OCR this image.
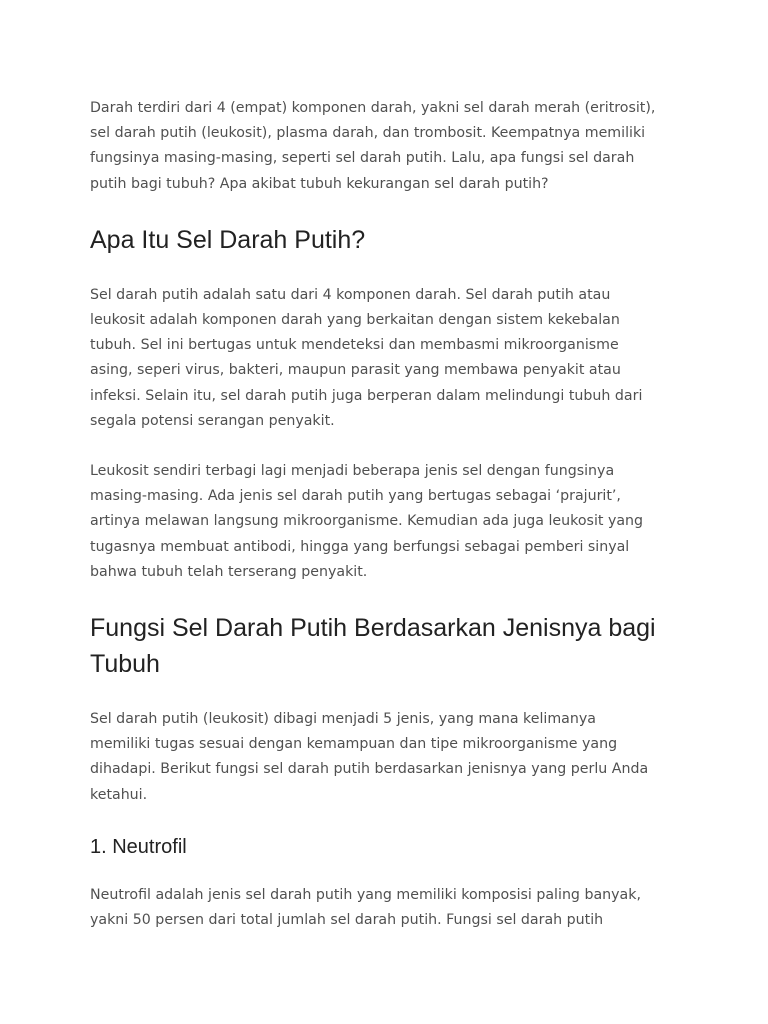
Darah terdiri dari 4 (empat) komponen darah, yakni sel darah merah (eritrosit),
sel darah putih (leukosit), plasma darah, dan trombosit. Keempatnya memiliki
fungsinya masing-masing, seperti sel darah putih. Lalu, apa fungsi sel darah
putih bagi tubuh? Apa akibat tubuh kekurangan sel darah putih?

Apa Itu Sel Darah Putih?

Sel darah putih adalah satu dari 4 komponen darah. Sel darah putih atau
leukosit adalah komponen darah yang berkaitan dengan sistem kekebalan
tubuh. Sel ini bertugas untuk mendeteksi dan membasmi mikroorganisme
asing, seperi virus, bakteri, maupun parasit yang membawa penyakit atau
infeksi. Selain itu, sel darah putih juga berperan dalam melindungi tubuh dari
segala potensi serangan penyakit.

Leukosit sendiri terbagi lagi menjadi beberapa jenis sel dengan fungsinya
masing-masing. Ada jenis sel darah putih yang bertugas sebagai ‘prajurit’,
artinya melawan langsung mikroorganisme. Kemudian ada juga leukosit yang
tugasnya membuat antibodi, hingga yang berfungsi sebagai pemberi sinyal
bahwa tubuh telah terserang penyakit.

Fungsi Sel Darah Putih Berdasarkan Jenisnya bagi
Tubuh

Sel darah putih (leukosit) dibagi menjadi 5 jenis, yang mana kelimanya
memiliki tugas sesuai dengan kemampuan dan tipe mikroorganisme yang
dihadapi. Berikut fungsi sel darah putih berdasarkan jenisnya yang perlu Anda
ketahui.

1. Neutrofil

Neutrofil adalah jenis sel darah putih yang memiliki komposisi paling banyak,
yakni 50 persen dari total jumlah sel darah putih. Fungsi sel darah putih
